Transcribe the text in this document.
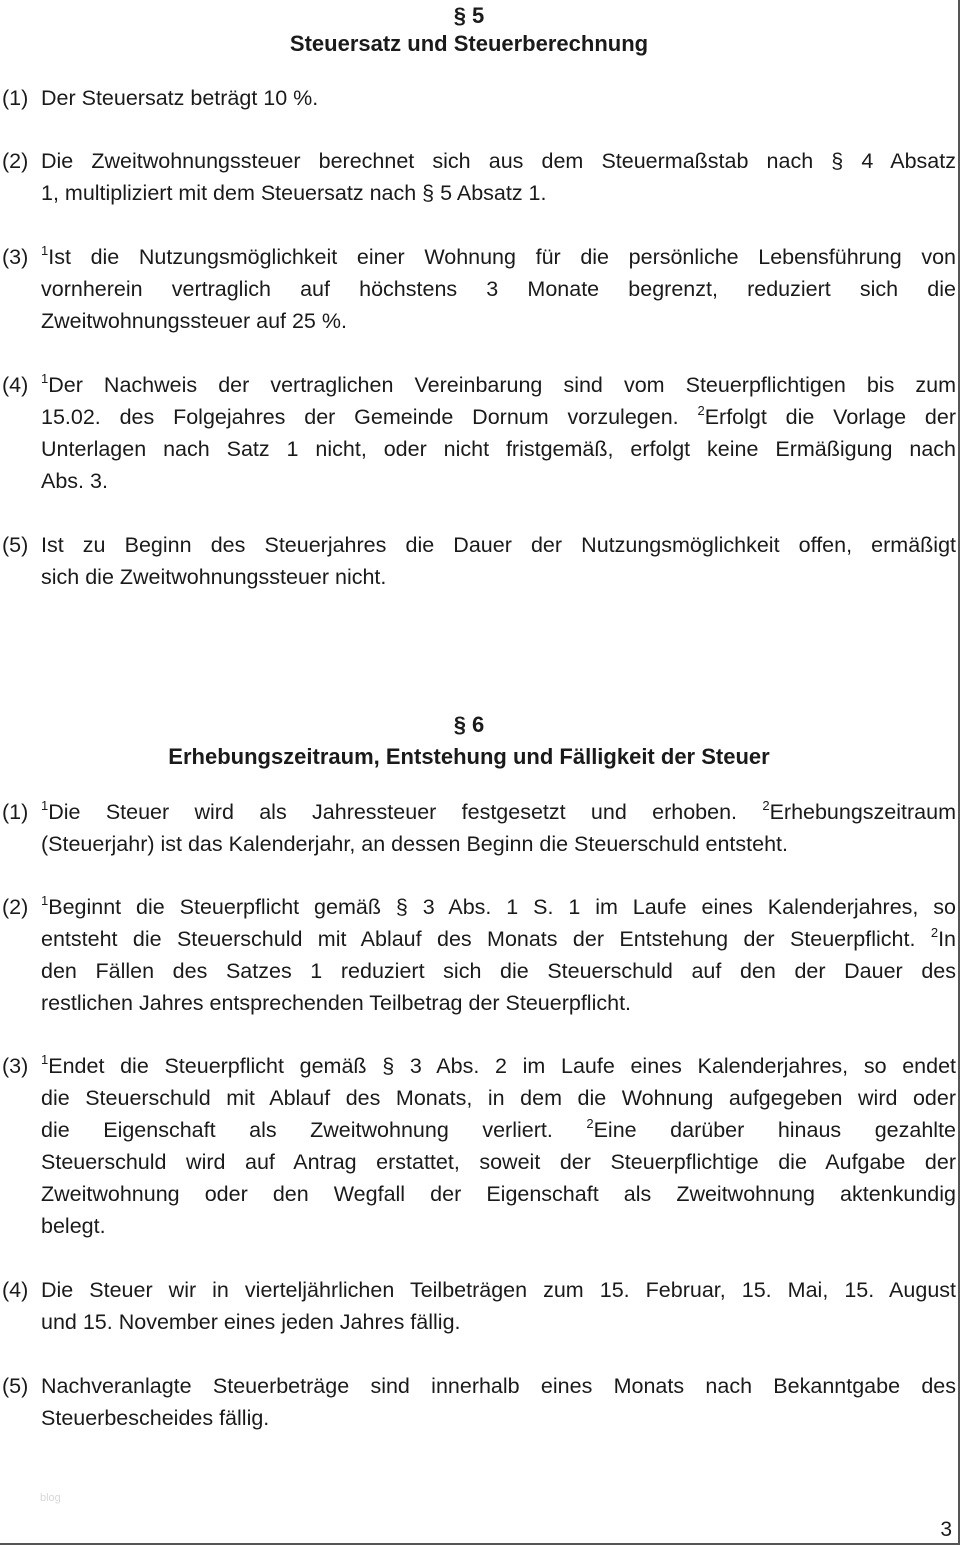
§ 5
Steuersatz und Steuerberechnung
(1) Der Steuersatz beträgt 10 %.
(2) Die Zweitwohnungssteuer berechnet sich aus dem Steuermaßstab nach § 4 Absatz
1, multipliziert mit dem Steuersatz nach § 5 Absatz 1.
(3) $^1$Ist die Nutzungsmöglichkeit einer Wohnung für die persönliche Lebensführung von
vornherein vertraglich auf höchstens 3 Monate begrenzt, reduziert sich die
Zweitwohnungssteuer auf 25 %.
(4) $^1$Der Nachweis der vertraglichen Vereinbarung sind vom Steuerpflichtigen bis zum
15.02. des Folgejahres der Gemeinde Dornum vorzulegen. $^2$Erfolgt die Vorlage der
Unterlagen nach Satz 1 nicht, oder nicht fristgemäß, erfolgt keine Ermäßigung nach
Abs. 3.
(5) Ist zu Beginn des Steuerjahres die Dauer der Nutzungsmöglichkeit offen, ermäßigt
sich die Zweitwohnungssteuer nicht.
§ 6
Erhebungszeitraum, Entstehung und Fälligkeit der Steuer
(1) $^1$Die Steuer wird als Jahressteuer festgesetzt und erhoben. $^2$Erhebungszeitraum
(Steuerjahr) ist das Kalenderjahr, an dessen Beginn die Steuerschuld entsteht.
(2) $^1$Beginnt die Steuerpflicht gemäß § 3 Abs. 1 S. 1 im Laufe eines Kalenderjahres, so
entsteht die Steuerschuld mit Ablauf des Monats der Entstehung der Steuerpflicht. $^2$In
den Fällen des Satzes 1 reduziert sich die Steuerschuld auf den der Dauer des
restlichen Jahres entsprechenden Teilbetrag der Steuerpflicht.
(3) $^1$Endet die Steuerpflicht gemäß § 3 Abs. 2 im Laufe eines Kalenderjahres, so endet
die Steuerschuld mit Ablauf des Monats, in dem die Wohnung aufgegeben wird oder
die Eigenschaft als Zweitwohnung verliert. $^2$Eine darüber hinaus gezahlte
Steuerschuld wird auf Antrag erstattet, soweit der Steuerpflichtige die Aufgabe der
Zweitwohnung oder den Wegfall der Eigenschaft als Zweitwohnung aktenkundig
belegt.
(4) Die Steuer wir in vierteljährlichen Teilbeträgen zum 15. Februar, 15. Mai, 15. August
und 15. November eines jeden Jahres fällig.
(5) Nachveranlagte Steuerbeträge sind innerhalb eines Monats nach Bekanntgabe des
Steuerbescheides fällig.
blog
3
